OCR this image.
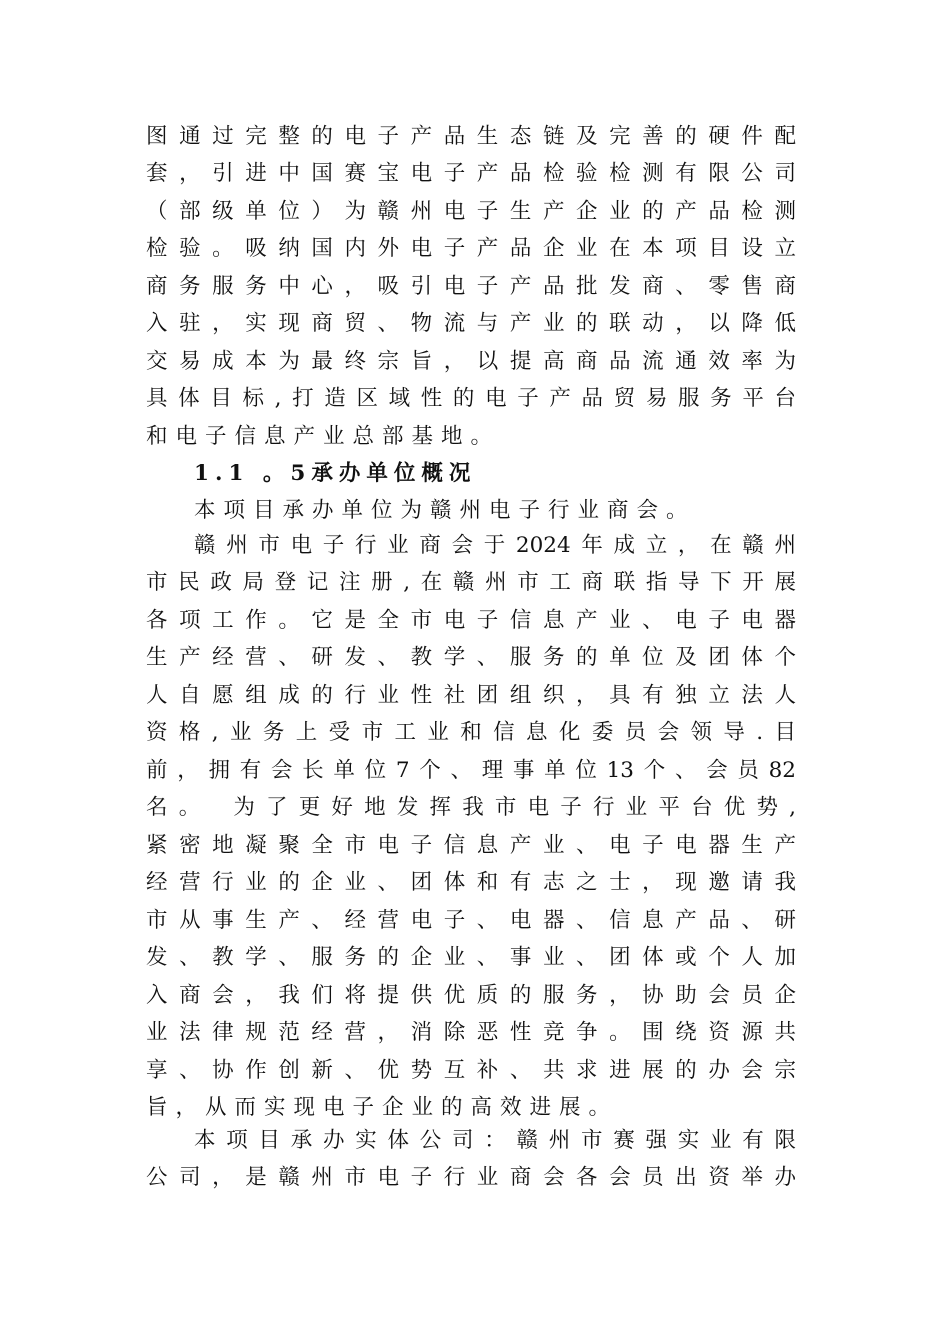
图通过完整的电子产品生态链及完善的硬件配
套，引进中国赛宝电子产品检验检测有限公司
（部级单位）为赣州电子生产企业的产品检测
检验。吸纳国内外电子产品企业在本项目设立
商务服务中心，吸引电子产品批发商、零售商
入驻，实现商贸、物流与产业的联动，以降低
交易成本为最终宗旨，以提高商品流通效率为
具体目标,打造区域性的电子产品贸易服务平台
和电子信息产业总部基地。
1.1 。5承办单位概况
本项目承办单位为赣州电子行业商会。
赣州市电子行业商会于2024年成立，在赣州
市民政局登记注册,在赣州市工商联指导下开展
各项工作。它是全市电子信息产业、电子电器
生产经营、研发、教学、服务的单位及团体个
人自愿组成的行业性社团组织，具有独立法人
资格,业务上受市工业和信息化委员会领导.目
前，拥有会长单位7个、理事单位13个、会员82
名。　为了更好地发挥我市电子行业平台优势,
紧密地凝聚全市电子信息产业、电子电器生产
经营行业的企业、团体和有志之士，现邀请我
市从事生产、经营电子、电器、信息产品、研
发、教学、服务的企业、事业、团体或个人加
入商会，我们将提供优质的服务，协助会员企
业法律规范经营，消除恶性竞争。围绕资源共
享、协作创新、优势互补、共求进展的办会宗
旨，从而实现电子企业的高效进展。
本项目承办实体公司：赣州市赛强实业有限
公司，是赣州市电子行业商会各会员出资举办
